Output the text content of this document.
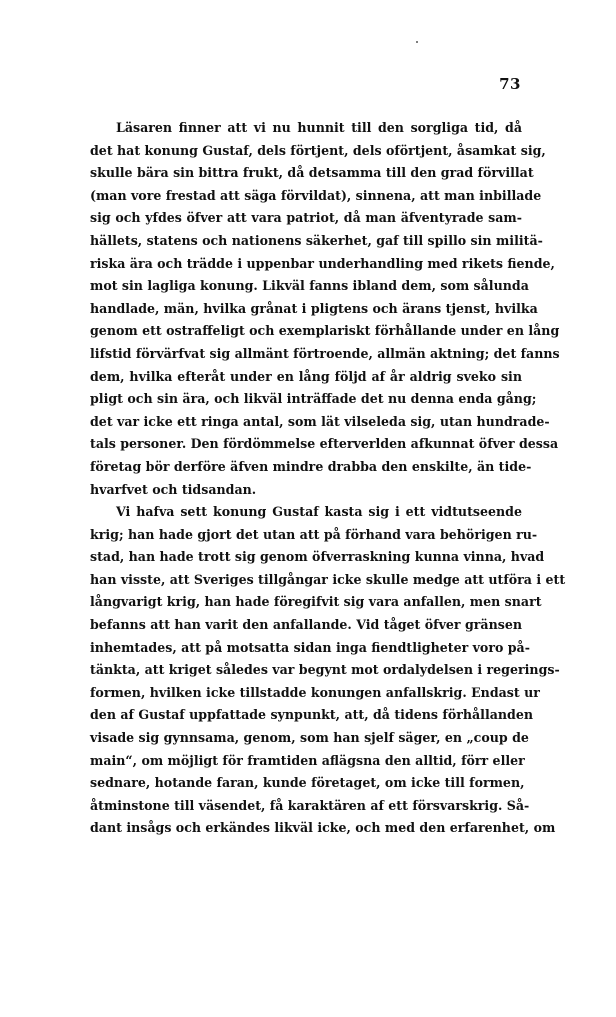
73
Läsaren finner att vi nu hunnit till den sorgliga tid, då
det hat konung Gustaf, dels förtjent, dels oförtjent, åsamkat sig,
skulle bära sin bittra frukt, då detsamma till den grad förvillat
(man vore frestad att säga förvildat), sinnena, att man inbillade
sig och yfdes öfver att vara patriot, då man äfventyrade sam-
hällets, statens och nationens säkerhet, gaf till spillo sin militä-
riska ära och trädde i uppenbar underhandling med rikets fiende,
mot sin lagliga konung. Likväl fanns ibland dem, som sålunda
handlade, män, hvilka grånat i pligtens och ärans tjenst, hvilka
genom ett ostraffeligt och exemplariskt förhållande under en lång
lifstid förvärfvat sig allmänt förtroende, allmän aktning; det fanns
dem, hvilka efteråt under en lång följd af år aldrig sveko sin
pligt och sin ära, och likväl inträffade det nu denna enda gång;
det var icke ett ringa antal, som lät vilseleda sig, utan hundrade-
tals personer. Den fördömmelse efterverlden afkunnat öfver dessa
företag bör derföre äfven mindre drabba den enskilte, än tide-
hvarfvet och tidsandan.
Vi hafva sett konung Gustaf kasta sig i ett vidtutseende
krig; han hade gjort det utan att på förhand vara behörigen ru-
stad, han hade trott sig genom öfverraskning kunna vinna, hvad
han visste, att Sveriges tillgångar icke skulle medge att utföra i ett
långvarigt krig, han hade föregifvit sig vara anfallen, men snart
befanns att han varit den anfallande. Vid tåget öfver gränsen
inhemtades, att på motsatta sidan inga fiendtligheter voro på-
tänkta, att kriget således var begynt mot ordalydelsen i regerings-
formen, hvilken icke tillstadde konungen anfallskrig. Endast ur
den af Gustaf uppfattade synpunkt, att, då tidens förhållanden
visade sig gynnsama, genom, som han sjelf säger, en „coup de
main“, om möjligt för framtiden aflägsna den alltid, förr eller
sednare, hotande faran, kunde företaget, om icke till formen,
åtminstone till väsendet, få karaktären af ett försvarskrig. Så-
dant insågs och erkändes likväl icke, och med den erfarenhet, om
